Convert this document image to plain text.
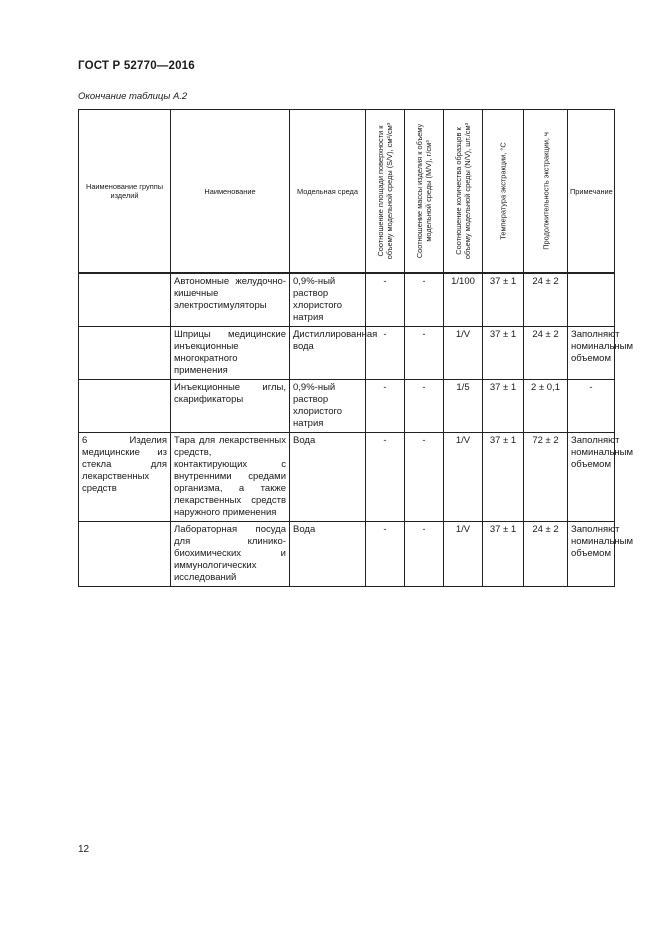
ГОСТ Р 52770—2016
Окончание таблицы А.2
Наименование группы изделий	Наименование	Модельная среда	Соотношение площади поверхности к объему модельной среды (S/V), см²/см³	Соотношение массы изделия к объему модельной среды (M/V), г/см³	Соотношение количества образцов к объему модельной среды (N/V), шт./см³	Температура экстракции, °С	Продолжительность экстракции, ч	Примечание
	Автономные желудочно-кишечные электростимуляторы	0,9%-ный раствор хлористого натрия	-	-	1/100	37 ± 1	24 ± 2	
	Шприцы медицинские инъекционные многократного применения	Дистиллированная вода	-	-	1/V	37 ± 1	24 ± 2	Заполняют номинальным объемом
	Инъекционные иглы, скарификаторы	0,9%-ный раствор хлористого натрия	-	-	1/5	37 ± 1	2 ± 0,1	-
6 Изделия медицинские из стекла для лекарственных средств	Тара для лекарственных средств, контактирующих с внутренними средами организма, а также лекарственных средств наружного применения	Вода	-	-	1/V	37 ± 1	72 ± 2	Заполняют номинальным объемом
	Лабораторная посуда для клинико-биохимических и иммунологических исследований	Вода	-	-	1/V	37 ± 1	24 ± 2	Заполняют номинальным объемом
12
